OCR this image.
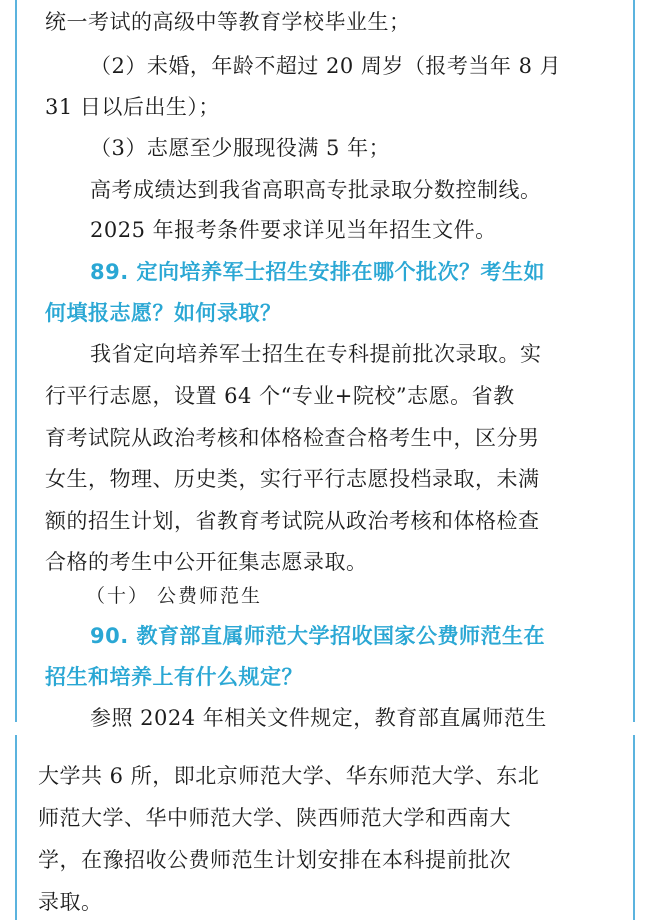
统一考试的高级中等教育学校毕业生；
（2）未婚，年龄不超过 20 周岁（报考当年 8 月
31 日以后出生）；
（3）志愿至少服现役满 5 年；
高考成绩达到我省高职高专批录取分数控制线。
2025 年报考条件要求详见当年招生文件。
89. 定向培养军士招生安排在哪个批次？考生如
何填报志愿？如何录取？
我省定向培养军士招生在专科提前批次录取。实
行平行志愿，设置 64 个“专业+院校”志愿。省教
育考试院从政治考核和体格检查合格考生中，区分男
女生，物理、历史类，实行平行志愿投档录取，未满
额的招生计划，省教育考试院从政治考核和体格检查
合格的考生中公开征集志愿录取。
（十） 公费师范生
90. 教育部直属师范大学招收国家公费师范生在
招生和培养上有什么规定？
参照 2024 年相关文件规定，教育部直属师范生
大学共 6 所，即北京师范大学、华东师范大学、东北
师范大学、华中师范大学、陕西师范大学和西南大
学，在豫招收公费师范生计划安排在本科提前批次
录取。
